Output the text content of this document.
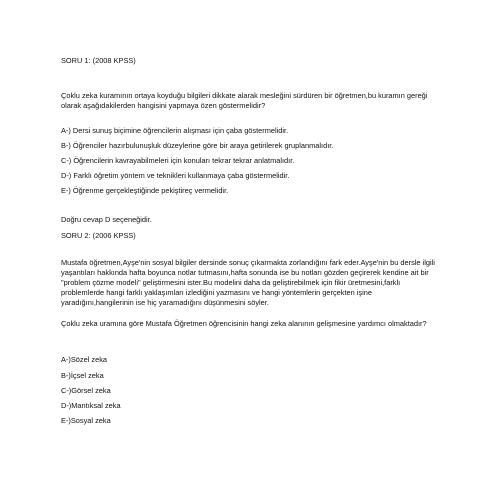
SORU 1: (2008 KPSS)
Çoklu zeka kuramının ortaya koyduğu bilgileri dikkate alarak mesleğini sürdüren bir öğretmen,bu kuramın gereği olarak aşağıdakilerden hangisini yapmaya özen göstermelidir?
A-) Dersi sunuş biçimine öğrencilerin alışması için çaba göstermelidir.
B-) Öğrenciler hazırbulunuşluk düzeylerine göre bir araya getirilerek gruplanmalıdır.
C-) Öğrencilerin kavrayabilmeleri için konuları tekrar tekrar anlatmalıdır.
D-) Farklı öğretim yöntem ve teknikleri kullanmaya çaba göstermelidir.
E-) Öğrenme gerçekleştiğinde pekiştireç vermelidir.
Doğru cevap D seçeneğidir.
SORU 2: (2006 KPSS)
Mustafa öğretmen,Ayşe'nin sosyal bilgiler dersinde sonuç çıkarmakta zorlandığını fark eder.Ayşe'nin bu dersle ilgili yaşantıları hakkında hafta boyunca notlar tutmasını,hafta sonunda ise bu notları gözden geçirerek kendine ait bir "problem çözme modeli" geliştirmesini ister.Bu modelini daha da geliştirebilmek için fikir üretmesini,farklı problemlerde hangi farklı yaklaşımları izlediğini yazmasını ve hangi yöntemlerin gerçekten işine yaradığını,hangilerinin ise hiç yaramadığını düşünmesini söyler.
Çoklu zeka uramına göre Mustafa Öğretmen öğrencisinin hangi zeka alanının gelişmesine yardımcı olmaktadır?
A-)Sözel zeka
B-)İçsel zeka
C-)Görsel zeka
D-)Mantıksal zeka
E-)Sosyal zeka
